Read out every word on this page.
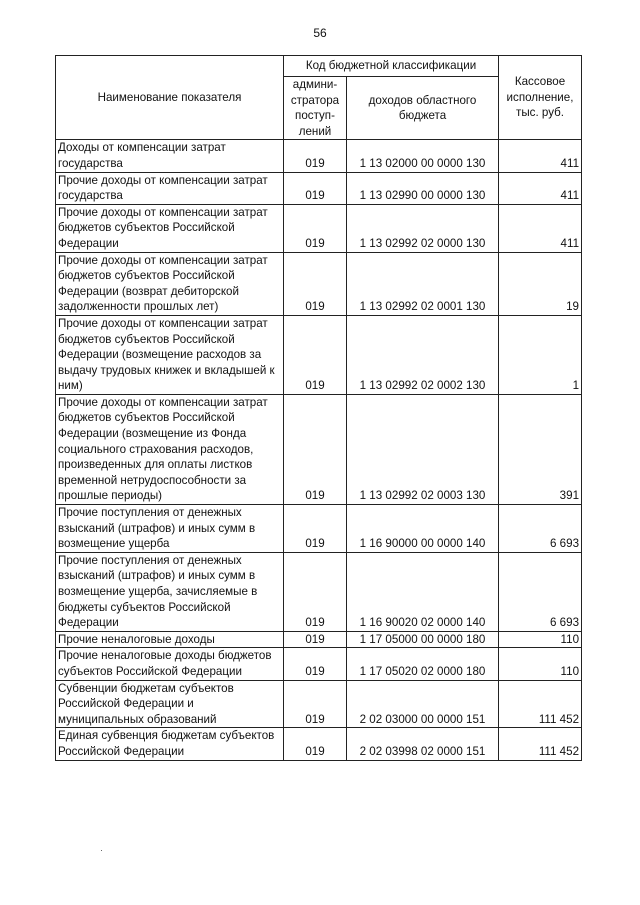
56
Наименование показателя	Код бюджетной классификации		Кассовое исполнение, тыс. руб.
	админи-стратора поступ-лений	доходов областного бюджета	
Доходы от компенсации затрат государства	019	1 13 02000 00 0000 130	411
Прочие доходы от компенсации затрат государства	019	1 13 02990 00 0000 130	411
Прочие доходы от компенсации затрат бюджетов субъектов Российской Федерации	019	1 13 02992 02 0000 130	411
Прочие доходы от компенсации затрат бюджетов субъектов Российской Федерации (возврат дебиторской задолженности прошлых лет)	019	1 13 02992 02 0001 130	19
Прочие доходы от компенсации затрат бюджетов субъектов Российской Федерации (возмещение расходов за выдачу трудовых книжек и вкладышей к ним)	019	1 13 02992 02 0002 130	1
Прочие доходы от компенсации затрат бюджетов субъектов Российской Федерации (возмещение из Фонда социального страхования расходов, произведенных для оплаты листков временной нетрудоспособности за прошлые периоды)	019	1 13 02992 02 0003 130	391
Прочие поступления от денежных взысканий (штрафов) и иных сумм в возмещение ущерба	019	1 16 90000 00 0000 140	6 693
Прочие поступления от денежных взысканий (штрафов) и иных сумм в возмещение ущерба, зачисляемые в бюджеты субъектов Российской Федерации	019	1 16 90020 02 0000 140	6 693
Прочие неналоговые доходы	019	1 17 05000 00 0000 180	110
Прочие неналоговые доходы бюджетов субъектов Российской Федерации	019	1 17 05020 02 0000 180	110
Субвенции бюджетам субъектов Российской Федерации и муниципальных образований	019	2 02 03000 00 0000 151	111 452
Единая субвенция бюджетам субъектов Российской Федерации	019	2 02 03998 02 0000 151	111 452
